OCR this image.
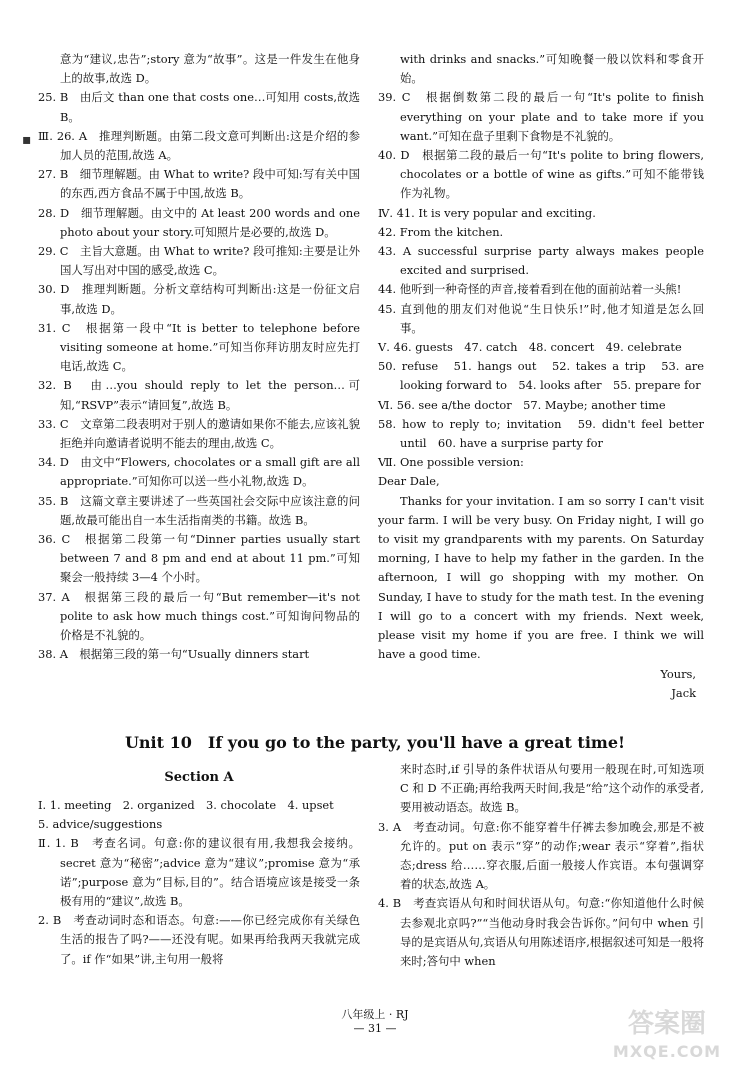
意为“建议,忠告”;story 意为“故事”。这是一件发生在他身上的故事,故选 D。

25. B　由后文 than one that costs one…可知用 costs,故选 B。

Ⅲ. 26. A　推理判断题。由第二段文意可判断出:这是介绍的参加人员的范围,故选 A。

27. B　细节理解题。由 What to write? 段中可知:写有关中国的东西,西方食品不属于中国,故选 B。

28. D　细节理解题。由文中的 At least 200 words and one photo about your story.可知照片是必要的,故选 D。

29. C　主旨大意题。由 What to write? 段可推知:主要是让外国人写出对中国的感受,故选 C。

30. D　推理判断题。分析文章结构可判断出:这是一份征文启事,故选 D。

31. C　根据第一段中“It is better to telephone before visiting someone at home.”可知当你拜访朋友时应先打电话,故选 C。

32. B　由…you should reply to let the person…可知,“RSVP”表示“请回复”,故选 B。

33. C　文章第二段表明对于别人的邀请如果你不能去,应该礼貌拒绝并向邀请者说明不能去的理由,故选 C。

34. D　由文中“Flowers, chocolates or a small gift are all appropriate.”可知你可以送一些小礼物,故选 D。

35. B　这篇文章主要讲述了一些英国社会交际中应该注意的问题,故最可能出自一本生活指南类的书籍。故选 B。

36. C　根据第二段第一句“Dinner parties usually start between 7 and 8 pm and end at about 11 pm.”可知聚会一般持续 3—4 个小时。

37. A　根据第三段的最后一句“But remember—it's not polite to ask how much things cost.”可知询问物品的价格是不礼貌的。

38. A　根据第三段的第一句“Usually dinners start

with drinks and snacks.”可知晚餐一般以饮料和零食开始。

39. C　根据倒数第二段的最后一句“It's polite to finish everything on your plate and to take more if you want.”可知在盘子里剩下食物是不礼貌的。

40. D　根据第二段的最后一句“It's polite to bring flowers, chocolates or a bottle of wine as gifts.”可知不能带钱作为礼物。

Ⅳ. 41. It is very popular and exciting.

42. From the kitchen.

43. A successful surprise party always makes people excited and surprised.

44. 他听到一种奇怪的声音,接着看到在他的面前站着一头熊!

45. 直到他的朋友们对他说“生日快乐!”时,他才知道是怎么回事。

Ⅴ. 46. guests　47. catch　48. concert　49. celebrate

50. refuse　51. hangs out　52. takes a trip　53. are looking forward to　54. looks after　55. prepare for

Ⅵ. 56. see a/the doctor　57. Maybe; another time

58. how to reply to; invitation　59. didn't feel better until　60. have a surprise party for

Ⅶ. One possible version:

Dear Dale,

Thanks for your invitation. I am so sorry I can't visit your farm. I will be very busy. On Friday night, I will go to visit my grandparents with my parents. On Saturday morning, I have to help my father in the garden. In the afternoon, I will go shopping with my mother. On Sunday, I have to study for the math test. In the evening I will go to a concert with my friends. Next week, please visit my home if you are free. I think we will have a good time.

Yours,

Jack

Unit 10　If you go to the party, you'll have a great time!
Section A

Ⅰ. 1. meeting　2. organized　3. chocolate　4. upset

5. advice/suggestions

Ⅱ. 1. B　考查名词。句意:你的建议很有用,我想我会接纳。secret 意为“秘密”;advice 意为“建议”;promise 意为“承诺”;purpose 意为“目标,目的”。结合语境应该是接受一条极有用的“建议”,故选 B。

2. B　考查动词时态和语态。句意:——你已经完成你有关绿色生活的报告了吗?——还没有呢。如果再给我两天我就完成了。if 作“如果”讲,主句用一般将

来时态时,if 引导的条件状语从句要用一般现在时,可知选项 C 和 D 不正确;再给我两天时间,我是“给”这个动作的承受者,要用被动语态。故选 B。

3. A　考查动词。句意:你不能穿着牛仔裤去参加晚会,那是不被允许的。put on 表示“穿”的动作;wear 表示“穿着”,指状态;dress 给……穿衣服,后面一般接人作宾语。本句强调穿着的状态,故选 A。

4. B　考查宾语从句和时间状语从句。句意:“你知道他什么时候去参观北京吗?”“当他动身时我会告诉你。”问句中 when 引导的是宾语从句,宾语从句用陈述语序,根据叙述可知是一般将来时;答句中 when

八年级上 · RJ
— 31 —	答案圈
MXQE.COM
▪
